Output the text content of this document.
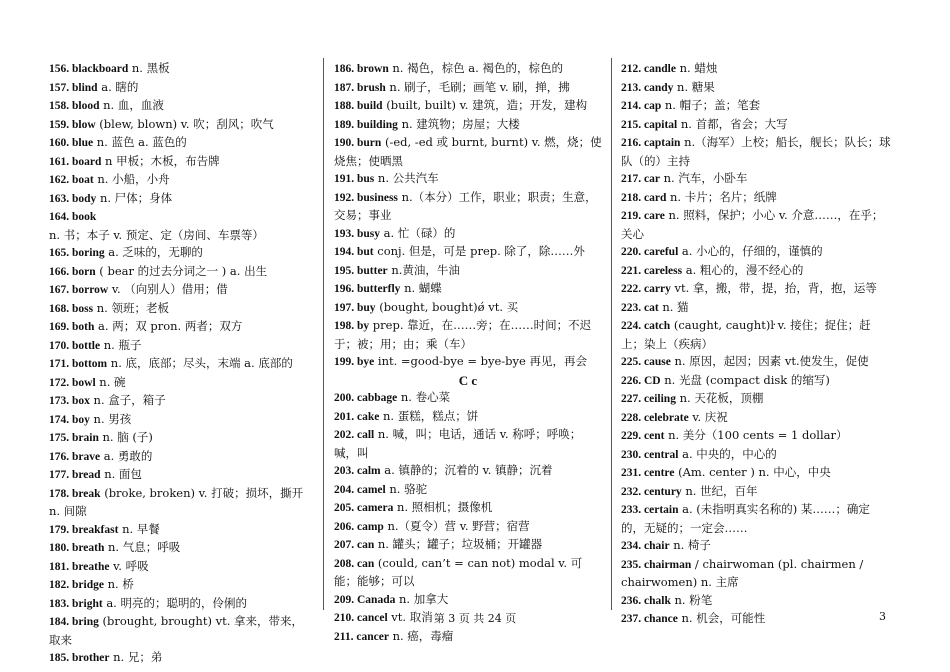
156. blackboard n. 黑板
157. blind a. 瞎的
158. blood n. 血，血液
159. blow (blew, blown) v. 吹；刮风；吹气
160. blue n. 蓝色 a. 蓝色的
161. board n 甲板；木板，布告牌
162. boat n. 小船，小舟
163. body n. 尸体；身体
164. book n. 书；本子 v. 预定、定（房间、车票等）
165. boring a. 乏味的，无聊的
166. born ( bear 的过去分词之一 ) a. 出生
167. borrow v. （向别人）借用；借
168. boss n. 领班；老板
169. both a. 两；双 pron. 两者；双方
170. bottle n. 瓶子
171. bottom n. 底，底部；尽头，末端 a. 底部的
172. bowl n. 碗
173. box n. 盒子，箱子
174. boy n. 男孩
175. brain n. 脑 (子)
176. brave a. 勇敢的
177. bread n. 面包
178. break (broke, broken) v. 打破；损坏，撕开 n. 间隙
179. breakfast n. 早餐
180. breath n. 气息；呼吸
181. breathe v. 呼吸
182. bridge n. 桥
183. bright a. 明亮的；聪明的，伶俐的
184. bring (brought, brought) vt. 拿来，带来，取来
185. brother n. 兄；弟
186. brown n. 褐色，棕色 a. 褐色的，棕色的
187. brush n. 刷子，毛刷；画笔 v. 刷，掸，拂
188. build (built, built) v. 建筑，造；开发，建构
189. building n. 建筑物；房屋；大楼
190. burn (-ed, -ed 或 burnt, burnt) v. 燃，烧；使烧焦；使晒黑
191. bus n. 公共汽车
192. business n.（本分）工作，职业；职责；生意，交易；事业
193. busy a. 忙（碌）的
194. but conj. 但是，可是 prep. 除了，除……外
195. butter n.黄油，牛油
196. butterfly n. 蝴蝶
197. buy (bought, bought)ǿ vt. 买
198. by prep. 靠近，在……旁；在……时间；不迟于；被；用；由；乘（车）
199. bye int. =good-bye = bye-bye 再见，再会
C c
200. cabbage n. 卷心菜
201. cake n. 蛋糕，糕点；饼
202. call n. 喊，叫；电话，通话 v. 称呼；呼唤；喊，叫
203. calm a. 镇静的；沉着的 v. 镇静；沉着
204. camel n. 骆驼
205. camera n. 照相机；摄像机
206. camp n.（夏令）营 v. 野营；宿营
207. can n. 罐头；罐子；垃圾桶；开罐器
208. can (could, can’t = can not) modal v. 可能；能够；可以
209. Canada n. 加拿大
210. cancel vt. 取消
211. cancer n. 癌，毒瘤
212. candle n. 蜡烛
213. candy n. 糖果
214. cap n. 帽子；盖；笔套
215. capital n. 首都，省会；大写
216. captain n.（海军）上校；船长，舰长；队长；球队（的）主持
217. car n. 汽车，小卧车
218. card n. 卡片；名片；纸牌
219. care n. 照料，保护；小心 v. 介意……，在乎；关心
220. careful a. 小心的，仔细的，谨慎的
221. careless a. 粗心的，漫不经心的
222. carry vt. 拿，搬，带，提，抬，背，抱，运等
223. cat n. 猫
224. catch (caught, caught)ŀ v. 接住；捉住；赶上；染上（疾病）
225. cause n. 原因，起因；因素 vt.使发生，促使
226. CD n. 光盘 (compact disk 的缩写)
227. ceiling n. 天花板，顶棚
228. celebrate v. 庆祝
229. cent n. 美分（100 cents = 1 dollar）
230. central a. 中央的，中心的
231. centre (Am. center ) n. 中心，中央
232. century n. 世纪，百年
233. certain a. (未指明真实名称的) 某……；确定的，无疑的；一定会……
234. chair n. 椅子
235. chairman / chairwoman (pl. chairmen / chairwomen) n. 主席
236. chalk n. 粉笔
237. chance n. 机会，可能性
第 3 页 共 24 页	3
